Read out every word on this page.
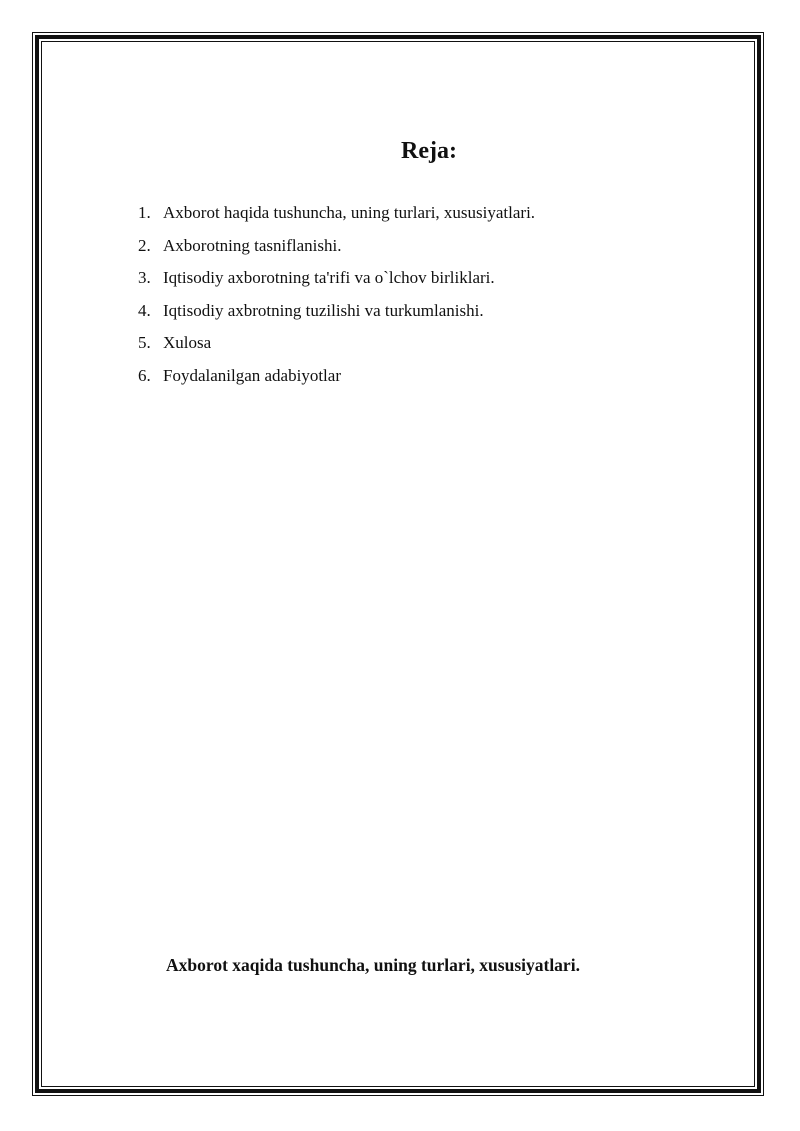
Reja:
1. Axborot haqida tushuncha, uning turlari, xususiyatlari.
2. Axborotning tasniflanishi.
3. Iqtisodiy axborotning ta'rifi va o`lchov birliklari.
4. Iqtisodiy axbrotning tuzilishi va turkumlanishi.
5. Xulosa
6. Foydalanilgan adabiyotlar
Axborot xaqida tushuncha, uning turlari, xususiyatlari.
